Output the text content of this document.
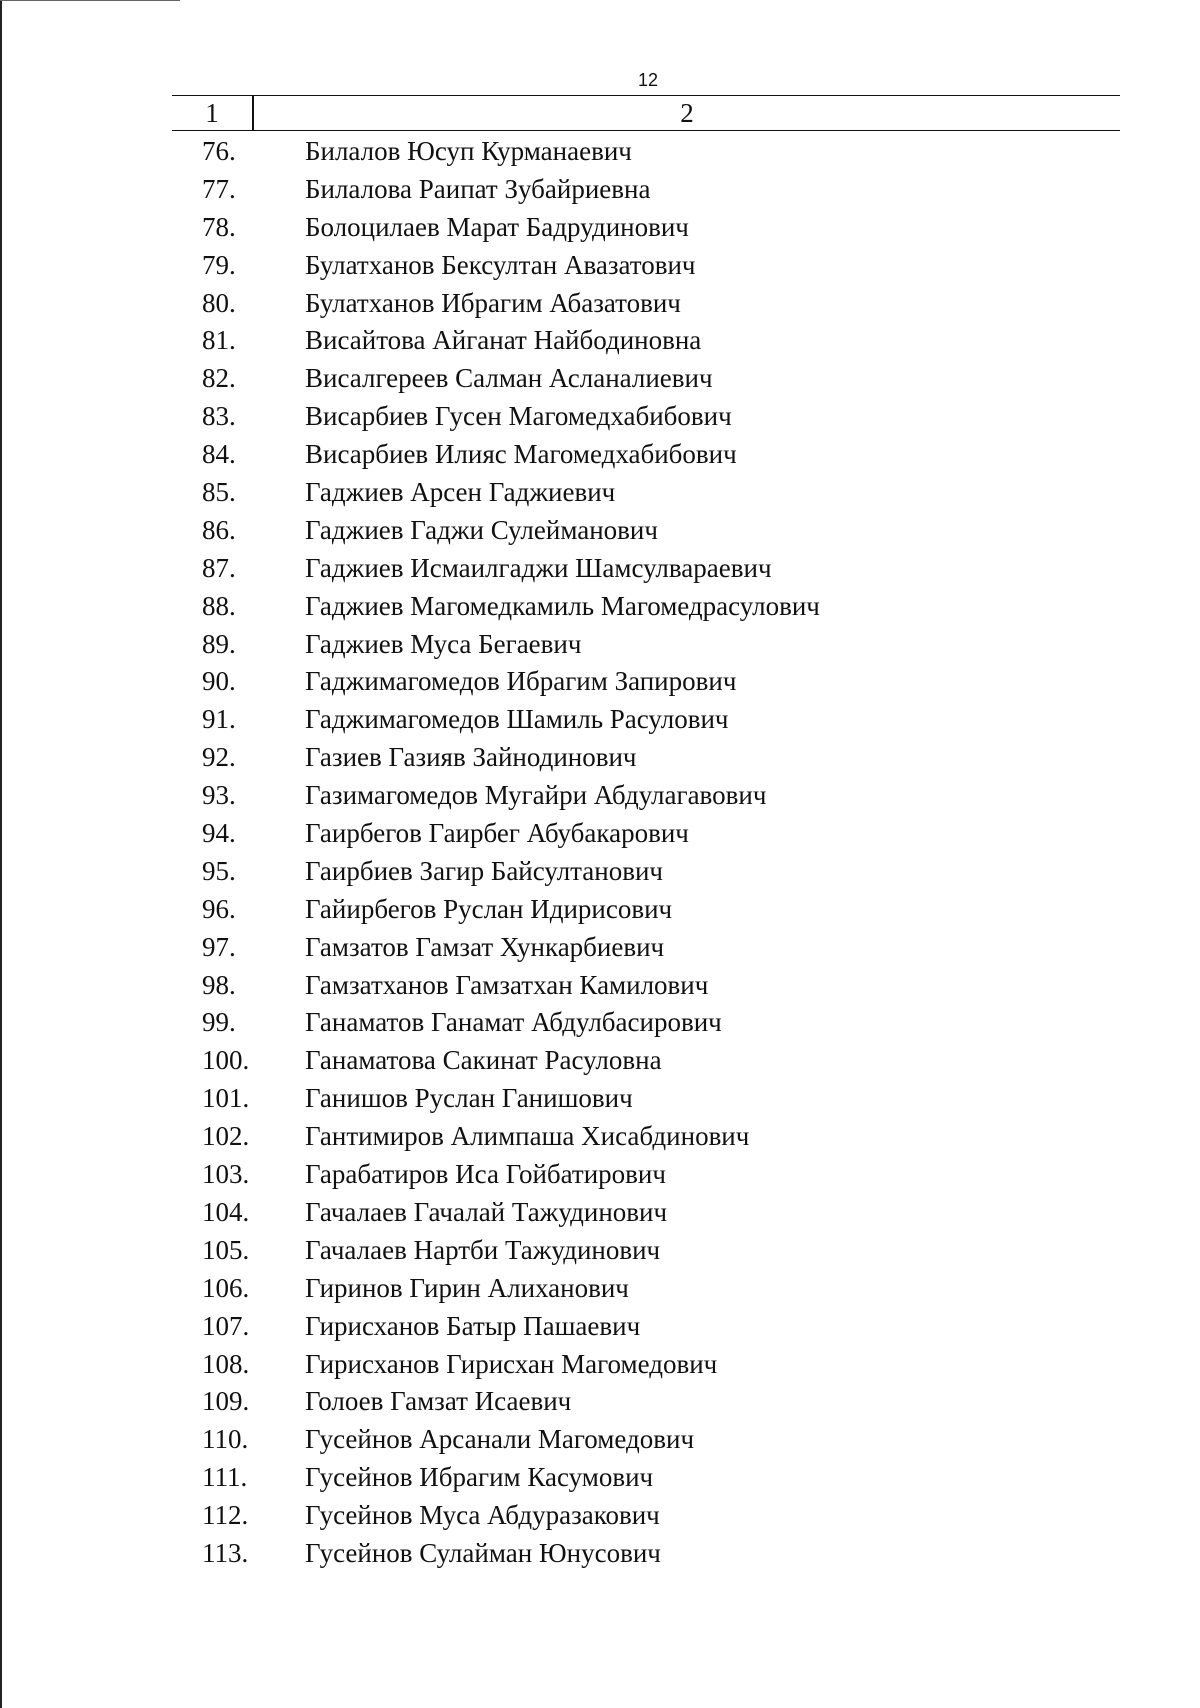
12
1	2
76.	Билалов Юсуп Курманаевич
77.	Билалова Раипат Зубайриевна
78.	Болоцилаев Марат Бадрудинович
79.	Булатханов Бексултан Авазатович
80.	Булатханов Ибрагим Абазатович
81.	Висайтова Айганат Найбодиновна
82.	Висалгереев Салман Асланалиевич
83.	Висарбиев Гусен Магомедхабибович
84.	Висарбиев Илияс Магомедхабибович
85.	Гаджиев Арсен Гаджиевич
86.	Гаджиев Гаджи Сулейманович
87.	Гаджиев Исмаилгаджи Шамсулвараевич
88.	Гаджиев Магомедкамиль Магомедрасулович
89.	Гаджиев Муса Бегаевич
90.	Гаджимагомедов Ибрагим Запирович
91.	Гаджимагомедов Шамиль Расулович
92.	Газиев Газияв Зайнодинович
93.	Газимагомедов Мугайри Абдулагавович
94.	Гаирбегов Гаирбег Абубакарович
95.	Гаирбиев Загир Байсултанович
96.	Гайирбегов Руслан Идирисович
97.	Гамзатов Гамзат Хункарбиевич
98.	Гамзатханов Гамзатхан Камилович
99.	Ганаматов Ганамат Абдулбасирович
100. Ганаматова Сакинат Расуловна
101. Ганишов Руслан Ганишович
102. Гантимиров Алимпаша Хисабдинович
103. Гарабатиров Иса Гойбатирович
104. Гачалаев Гачалай Тажудинович
105. Гачалаев Нартби Тажудинович
106. Гиринов Гирин Алиханович
107. Гирисханов Батыр Пашаевич
108. Гирисханов Гирисхан Магомедович
109. Голоев Гамзат Исаевич
110. Гусейнов Арсанали Магомедович
111. Гусейнов Ибрагим Касумович
112. Гусейнов Муса Абдуразакович
113. Гусейнов Сулайман Юнусович
